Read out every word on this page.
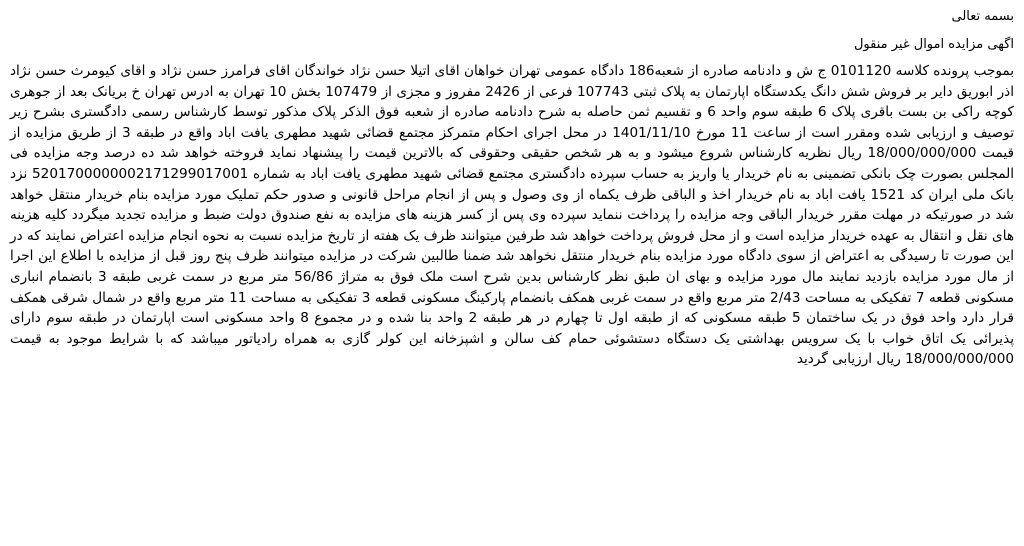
بسمه تعالی
اگهی مزایده اموال غیر منقول

بموجب پرونده کلاسه 0101120 ج ش و دادنامه صادره از شعبه186 دادگاه عمومی تهران خواهان اقای اتیلا حسن نژاد خواندگان اقای فرامرز حسن نژاد و اقای کیومرث حسن نژاد اذر ابوریق دایر بر فروش شش دانگ یکدستگاه اپارتمان به پلاک ثبتی 107743 فرعی از 2426 مفروز و مجزی از 107479 بخش 10 تهران به ادرس تهران خ بریانک بعد از جوهری کوچه راکی بن بست باقری پلاک 6 طبقه سوم واحد 6 و تقسیم ثمن حاصله به شرح دادنامه صادره از شعبه فوق الذکر پلاک مذکور توسط کارشناس رسمی دادگستری بشرح زیر توصیف و ارزیابی شده ومقرر است از ساعت 11 مورخ 1401/11/10 در محل اجرای احکام متمرکز مجتمع قضائی شهید مطهری یافت اباد واقع در طبقه 3 از طریق مزایده از قیمت 18/000/000/000 ریال نظریه کارشناس شروع میشود و به هر شخص حقیقی وحقوقی که بالاترین قیمت را پیشنهاد نماید فروخته خواهد شد ده درصد وجه مزایده فی المجلس بصورت چک بانکی تضمینی به نام خریدار یا واریز به حساب سپرده دادگستری مجتمع قضائی شهید مطهری یافت اباد به شماره 5201700000002171299017001 نزد بانک ملی ایران کد 1521 یافت اباد به نام خریدار اخذ و الباقی ظرف یکماه از وی وصول و پس از انجام مراحل قانونی و صدور حکم تملیک مورد مزایده بنام خریدار منتقل خواهد شد در صورتیکه در مهلت مقرر خریدار الباقی وجه مزایده را پرداخت ننماید سپرده وی پس از کسر هزینه های مزایده به نفع صندوق دولت ضبط و مزایده تجدید میگردد کلیه هزینه های نقل و انتقال به عهده خریدار مزایده است و از محل فروش پرداخت خواهد شد طرفین میتوانند ظرف یک هفته از تاریخ مزایده نسبت به نحوه انجام مزایده اعتراض نمایند که در این صورت تا رسیدگی به اعتراض از سوی دادگاه مورد مزایده بنام خریدار منتقل نخواهد شد ضمنا طالبین شرکت در مزایده میتوانند ظرف پنج روز قبل از مزایده با اطلاع این اجرا از مال مورد مزایده بازدید نمایند مال مورد مزایده و بهای ان طبق نظر کارشناس بدین شرح است ملک فوق به متراژ 56/86 متر مربع در سمت غربی طبقه 3 بانضمام انباری مسکونی قطعه 7 تفکیکی به مساحت 2/43 متر مربع واقع در سمت غربی همکف بانضمام پارکینگ مسکونی قطعه 3 تفکیکی به مساحت 11 متر مربع واقع در شمال شرقی همکف قرار دارد واحد فوق در یک ساختمان 5 طبقه مسکونی که از طبقه اول تا چهارم در هر طبقه 2 واحد بنا شده و در مجموع 8 واحد مسکونی است اپارتمان در طبقه سوم دارای پذیرائی یک اتاق خواب با یک سرویس بهداشتی یک دستگاه دستشوئی حمام کف سالن و اشپزخانه این کولر گازی به همراه رادیاتور میباشد که با شرایط موجود به قیمت 18/000/000/000 ریال ارزیابی گردید
